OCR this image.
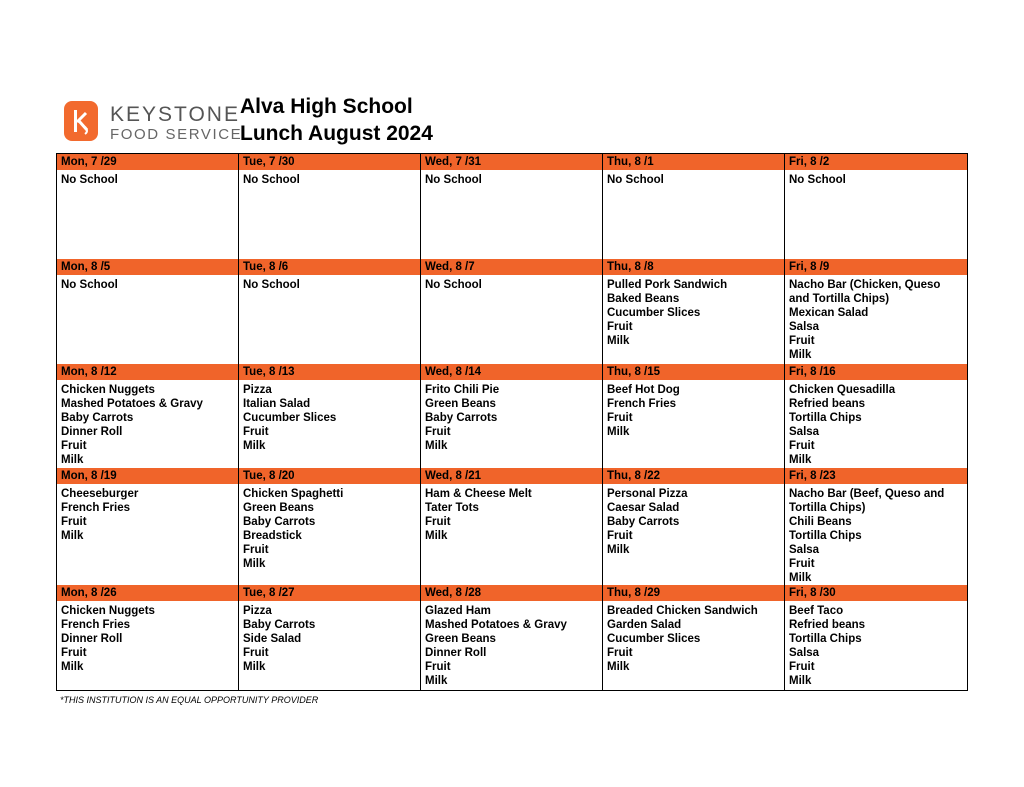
KEYSTONE
FOOD SERVICE
Alva High School
Lunch August 2024
Mon, 7 /29
No School
Tue, 7 /30
No School
Wed, 7 /31
No School
Thu, 8 /1
No School
Fri, 8 /2
No School
Mon, 8 /5
No School
Tue, 8 /6
No School
Wed, 8 /7
No School
Thu, 8 /8
Pulled Pork Sandwich
Baked Beans
Cucumber Slices
Fruit
Milk
Fri, 8 /9
Nacho Bar (Chicken, Queso
and Tortilla Chips)
Mexican Salad
Salsa
Fruit
Milk
Mon, 8 /12
Chicken Nuggets
Mashed Potatoes & Gravy
Baby Carrots
Dinner Roll
Fruit
Milk
Tue, 8 /13
Pizza
Italian Salad
Cucumber Slices
Fruit
Milk
Wed, 8 /14
Frito Chili Pie
Green Beans
Baby Carrots
Fruit
Milk
Thu, 8 /15
Beef Hot Dog
French Fries
Fruit
Milk
Fri, 8 /16
Chicken Quesadilla
Refried beans
Tortilla Chips
Salsa
Fruit
Milk
Mon, 8 /19
Cheeseburger
French Fries
Fruit
Milk
Tue, 8 /20
Chicken Spaghetti
Green Beans
Baby Carrots
Breadstick
Fruit
Milk
Wed, 8 /21
Ham & Cheese Melt
Tater Tots
Fruit
Milk
Thu, 8 /22
Personal Pizza
Caesar Salad
Baby Carrots
Fruit
Milk
Fri, 8 /23
Nacho Bar (Beef, Queso and
Tortilla Chips)
Chili Beans
Tortilla Chips
Salsa
Fruit
Milk
Mon, 8 /26
Chicken Nuggets
French Fries
Dinner Roll
Fruit
Milk
Tue, 8 /27
Pizza
Baby Carrots
Side Salad
Fruit
Milk
Wed, 8 /28
Glazed Ham
Mashed Potatoes & Gravy
Green Beans
Dinner Roll
Fruit
Milk
Thu, 8 /29
Breaded Chicken Sandwich
Garden Salad
Cucumber Slices
Fruit
Milk
Fri, 8 /30
Beef Taco
Refried beans
Tortilla Chips
Salsa
Fruit
Milk
*THIS INSTITUTION IS AN EQUAL OPPORTUNITY PROVIDER
